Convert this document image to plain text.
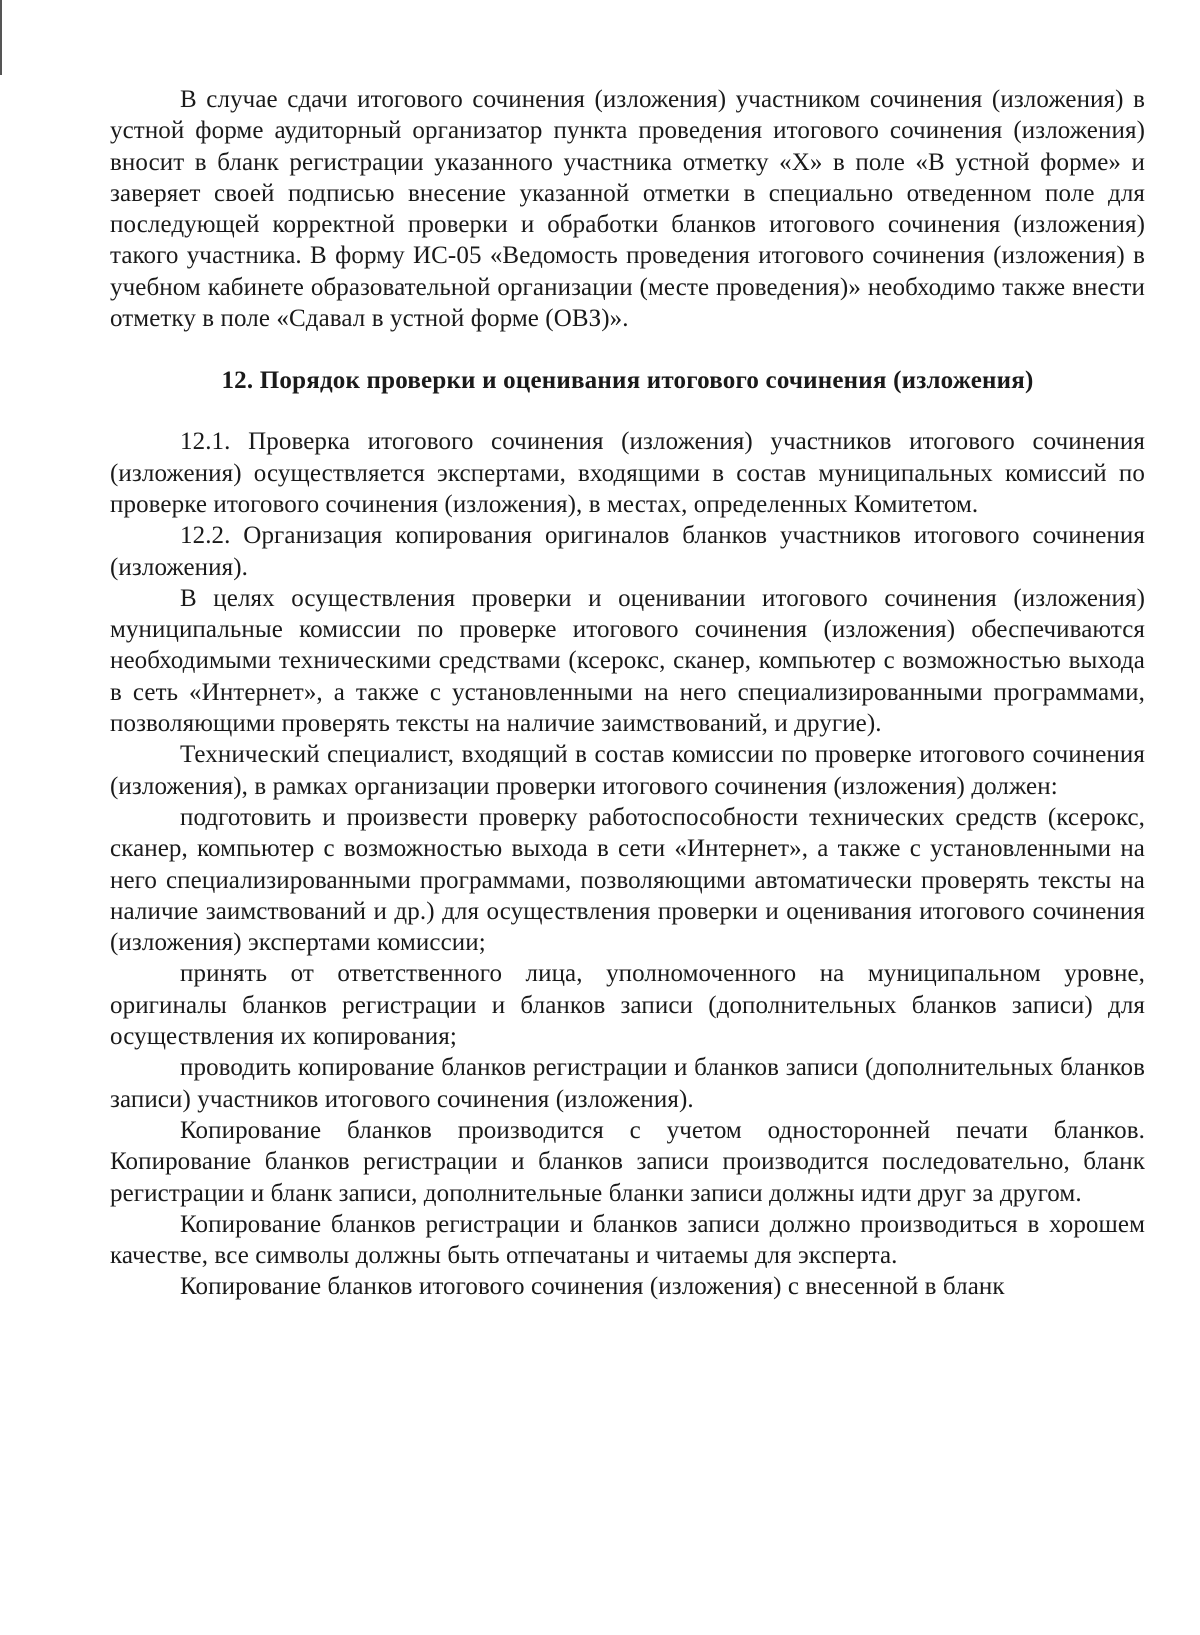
В случае сдачи итогового сочинения (изложения) участником сочинения (изложения) в устной форме аудиторный организатор пункта проведения итогового сочинения (изложения) вносит в бланк регистрации указанного участника отметку «Х» в поле «В устной форме» и заверяет своей подписью внесение указанной отметки в специально отведенном поле для последующей корректной проверки и обработки бланков итогового сочинения (изложения) такого участника. В форму ИС-05 «Ведомость проведения итогового сочинения (изложения) в учебном кабинете образовательной организации (месте проведения)» необходимо также внести отметку в поле «Сдавал в устной форме (ОВЗ)».

12. Порядок проверки и оценивания итогового сочинения (изложения)

12.1. Проверка итогового сочинения (изложения) участников итогового сочинения (изложения) осуществляется экспертами, входящими в состав муниципальных комиссий по проверке итогового сочинения (изложения), в местах, определенных Комитетом.

12.2. Организация копирования оригиналов бланков участников итогового сочинения (изложения).

В целях осуществления проверки и оценивании итогового сочинения (изложения) муниципальные комиссии по проверке итогового сочинения (изложения) обеспечиваются необходимыми техническими средствами (ксерокс, сканер, компьютер с возможностью выхода в сеть «Интернет», а также с установленными на него специализированными программами, позволяющими проверять тексты на наличие заимствований, и другие).

Технический специалист, входящий в состав комиссии по проверке итогового сочинения (изложения), в рамках организации проверки итогового сочинения (изложения) должен:

подготовить и произвести проверку работоспособности технических средств (ксерокс, сканер, компьютер с возможностью выхода в сети «Интернет», а также с установленными на него специализированными программами, позволяющими автоматически проверять тексты на наличие заимствований и др.) для осуществления проверки и оценивания итогового сочинения (изложения) экспертами комиссии;

принять от ответственного лица, уполномоченного на муниципальном уровне, оригиналы бланков регистрации и бланков записи (дополнительных бланков записи) для осуществления их копирования;

проводить копирование бланков регистрации и бланков записи (дополнительных бланков записи) участников итогового сочинения (изложения).

Копирование бланков производится с учетом односторонней печати бланков. Копирование бланков регистрации и бланков записи производится последовательно, бланк регистрации и бланк записи, дополнительные бланки записи должны идти друг за другом.

Копирование бланков регистрации и бланков записи должно производиться в хорошем качестве, все символы должны быть отпечатаны и читаемы для эксперта.

Копирование бланков итогового сочинения (изложения) с внесенной в бланк
